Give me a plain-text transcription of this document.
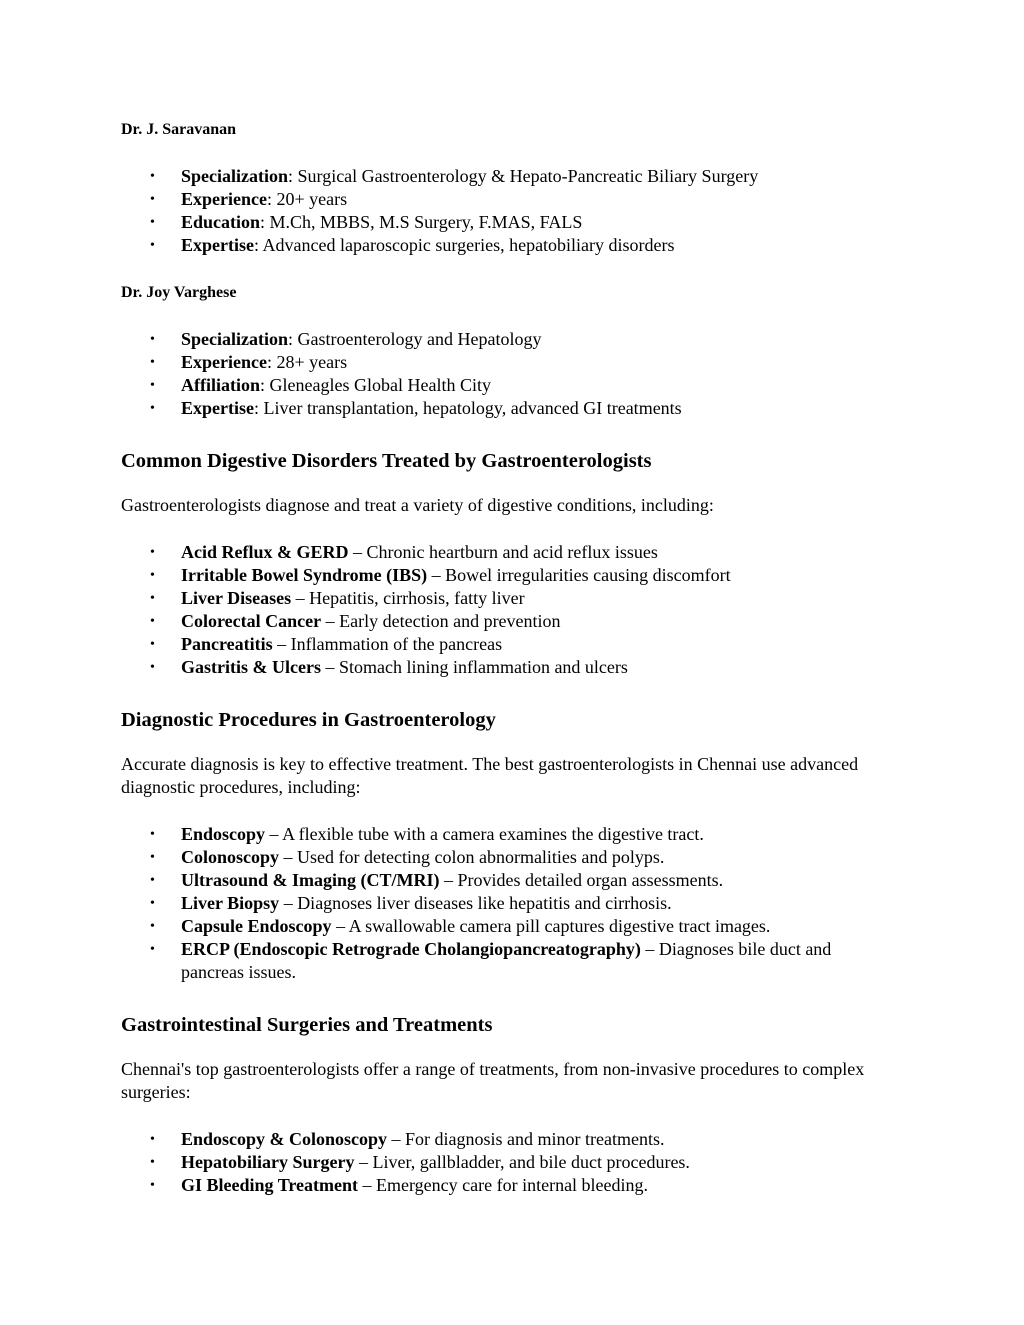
Dr. J. Saravanan

• Specialization: Surgical Gastroenterology & Hepato-Pancreatic Biliary Surgery
• Experience: 20+ years
• Education: M.Ch, MBBS, M.S Surgery, F.MAS, FALS
• Expertise: Advanced laparoscopic surgeries, hepatobiliary disorders

Dr. Joy Varghese

• Specialization: Gastroenterology and Hepatology
• Experience: 28+ years
• Affiliation: Gleneagles Global Health City
• Expertise: Liver transplantation, hepatology, advanced GI treatments
Common Digestive Disorders Treated by Gastroenterologists

Gastroenterologists diagnose and treat a variety of digestive conditions, including:

• Acid Reflux & GERD – Chronic heartburn and acid reflux issues
• Irritable Bowel Syndrome (IBS) – Bowel irregularities causing discomfort
• Liver Diseases – Hepatitis, cirrhosis, fatty liver
• Colorectal Cancer – Early detection and prevention
• Pancreatitis – Inflammation of the pancreas
• Gastritis & Ulcers – Stomach lining inflammation and ulcers
Diagnostic Procedures in Gastroenterology

Accurate diagnosis is key to effective treatment. The best gastroenterologists in Chennai use advanced diagnostic procedures, including:

• Endoscopy – A flexible tube with a camera examines the digestive tract.
• Colonoscopy – Used for detecting colon abnormalities and polyps.
• Ultrasound & Imaging (CT/MRI) – Provides detailed organ assessments.
• Liver Biopsy – Diagnoses liver diseases like hepatitis and cirrhosis.
• Capsule Endoscopy – A swallowable camera pill captures digestive tract images.
• ERCP (Endoscopic Retrograde Cholangiopancreatography) – Diagnoses bile duct and pancreas issues.
Gastrointestinal Surgeries and Treatments

Chennai's top gastroenterologists offer a range of treatments, from non-invasive procedures to complex surgeries:

• Endoscopy & Colonoscopy – For diagnosis and minor treatments.
• Hepatobiliary Surgery – Liver, gallbladder, and bile duct procedures.
• GI Bleeding Treatment – Emergency care for internal bleeding.
